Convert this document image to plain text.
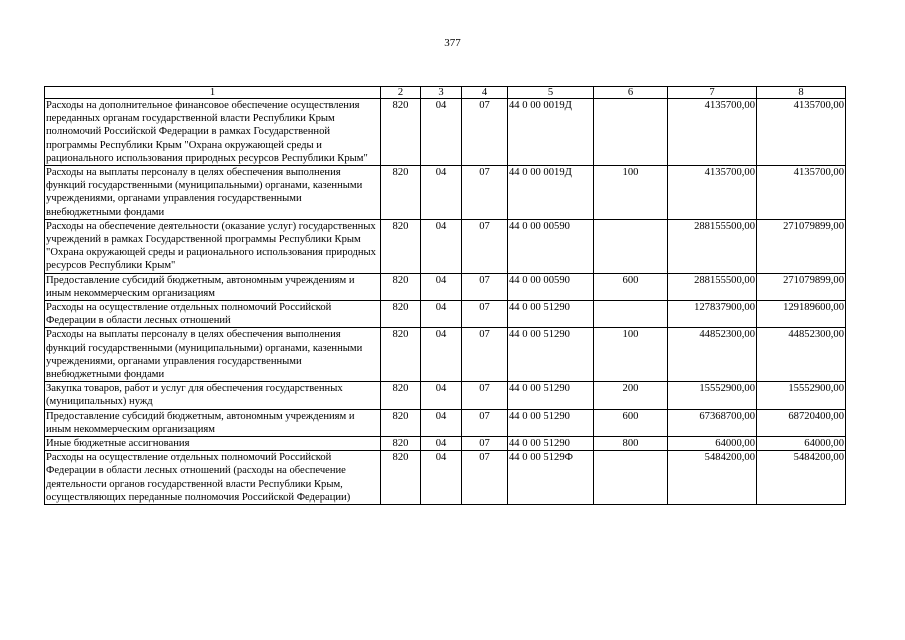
377
1	2	3	4	5	6	7	8
Расходы на дополнительное финансовое обеспечение осуществления переданных органам государственной власти Республики Крым полномочий Российской Федерации в рамках Государственной программы Республики Крым "Охрана окружающей среды и рационального использования природных ресурсов Республики Крым"	820	04	07	44 0 00 0019Д		4135700,00	4135700,00
Расходы на выплаты персоналу в целях обеспечения выполнения функций государственными (муниципальными) органами, казенными учреждениями, органами управления государственными внебюджетными фондами	820	04	07	44 0 00 0019Д	100	4135700,00	4135700,00
Расходы на обеспечение деятельности (оказание услуг) государственных учреждений в рамках Государственной программы Республики Крым "Охрана окружающей среды и рационального использования природных ресурсов Республики Крым"	820	04	07	44 0 00 00590		288155500,00	271079899,00
Предоставление субсидий бюджетным, автономным учреждениям и иным некоммерческим организациям	820	04	07	44 0 00 00590	600	288155500,00	271079899,00
Расходы на осуществление отдельных полномочий Российской Федерации в области лесных отношений	820	04	07	44 0 00 51290		127837900,00	129189600,00
Расходы на выплаты персоналу в целях обеспечения выполнения функций государственными (муниципальными) органами, казенными учреждениями, органами управления государственными внебюджетными фондами	820	04	07	44 0 00 51290	100	44852300,00	44852300,00
Закупка товаров, работ и услуг для обеспечения государственных (муниципальных) нужд	820	04	07	44 0 00 51290	200	15552900,00	15552900,00
Предоставление субсидий бюджетным, автономным учреждениям и иным некоммерческим организациям	820	04	07	44 0 00 51290	600	67368700,00	68720400,00
Иные бюджетные ассигнования	820	04	07	44 0 00 51290	800	64000,00	64000,00
Расходы на осуществление отдельных полномочий Российской Федерации в области лесных отношений (расходы на обеспечение деятельности органов государственной власти Республики Крым, осуществляющих переданные полномочия Российской Федерации)	820	04	07	44 0 00 5129Ф		5484200,00	5484200,00
